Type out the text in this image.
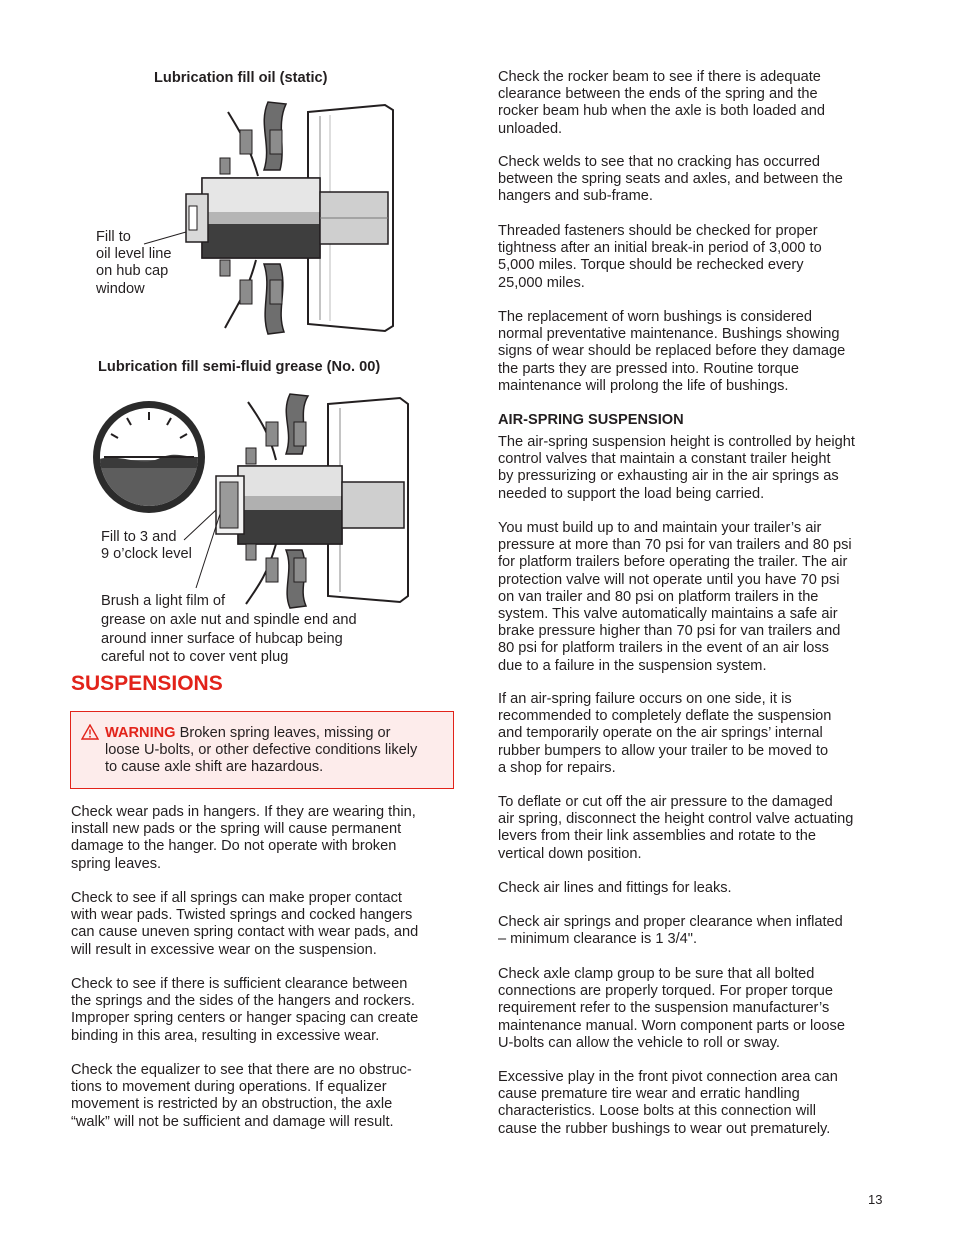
Lubrication fill oil (static)
Fill to
oil level line
on hub cap
window
Lubrication fill semi-fluid grease (No. 00)
Fill to 3 and
9 o’clock level
Brush a light film of
grease on axle nut and spindle end and
around inner surface of hubcap being
careful not to cover vent plug
SUSPENSIONS
WARNING Broken spring leaves, missing or
loose U-bolts, or other defective conditions likely
to cause axle shift are hazardous.

Check wear pads in hangers. If they are wearing thin,
install new pads or the spring will cause permanent
damage to the hanger. Do not operate with broken
spring leaves.

Check to see if all springs can make proper contact
with wear pads. Twisted springs and cocked hangers
can cause uneven spring contact with wear pads, and
will result in excessive wear on the suspension.

Check to see if there is sufficient clearance between
the springs and the sides of the hangers and rockers.
Improper spring centers or hanger spacing can create
binding in this area, resulting in excessive wear.

Check the equalizer to see that there are no obstruc-
tions to movement during operations. If equalizer
movement is restricted by an obstruction, the axle
“walk” will not be sufficient and damage will result.

Check the rocker beam to see if there is adequate
clearance between the ends of the spring and the
rocker beam hub when the axle is both loaded and
unloaded.

Check welds to see that no cracking has occurred
between the spring seats and axles, and between the
hangers and sub-frame.

Threaded fasteners should be checked for proper
tightness after an initial break-in period of 3,000 to
5,000 miles. Torque should be rechecked every
25,000 miles.

The replacement of worn bushings is considered
normal preventative maintenance. Bushings showing
signs of wear should be replaced before they damage
the parts they are pressed into. Routine torque
maintenance will prolong the life of bushings.

AIR-SPRING SUSPENSION

The air-spring suspension height is controlled by height
control valves that maintain a constant trailer height
by pressurizing or exhausting air in the air springs as
needed to support the load being carried.

You must build up to and maintain your trailer’s air
pressure at more than 70 psi for van trailers and 80 psi
for platform trailers before operating the trailer. The air
protection valve will not operate until you have 70 psi
on van trailer and 80 psi on platform trailers in the
system. This valve automatically maintains a safe air
brake pressure higher than 70 psi for van trailers and
80 psi for platform trailers in the event of an air loss
due to a failure in the suspension system.

If an air-spring failure occurs on one side, it is
recommended to completely deflate the suspension
and temporarily operate on the air springs’ internal
rubber bumpers to allow your trailer to be moved to
a shop for repairs.

To deflate or cut off the air pressure to the damaged
air spring, disconnect the height control valve actuating
levers from their link assemblies and rotate to the
vertical down position.

Check air lines and fittings for leaks.

Check air springs and proper clearance when inflated
– minimum clearance is 1 3/4".

Check axle clamp group to be sure that all bolted
connections are properly torqued. For proper torque
requirement refer to the suspension manufacturer’s
maintenance manual. Worn component parts or loose
U-bolts can allow the vehicle to roll or sway.

Excessive play in the front pivot connection area can
cause premature tire wear and erratic handling
characteristics. Loose bolts at this connection will
cause the rubber bushings to wear out prematurely.

13
